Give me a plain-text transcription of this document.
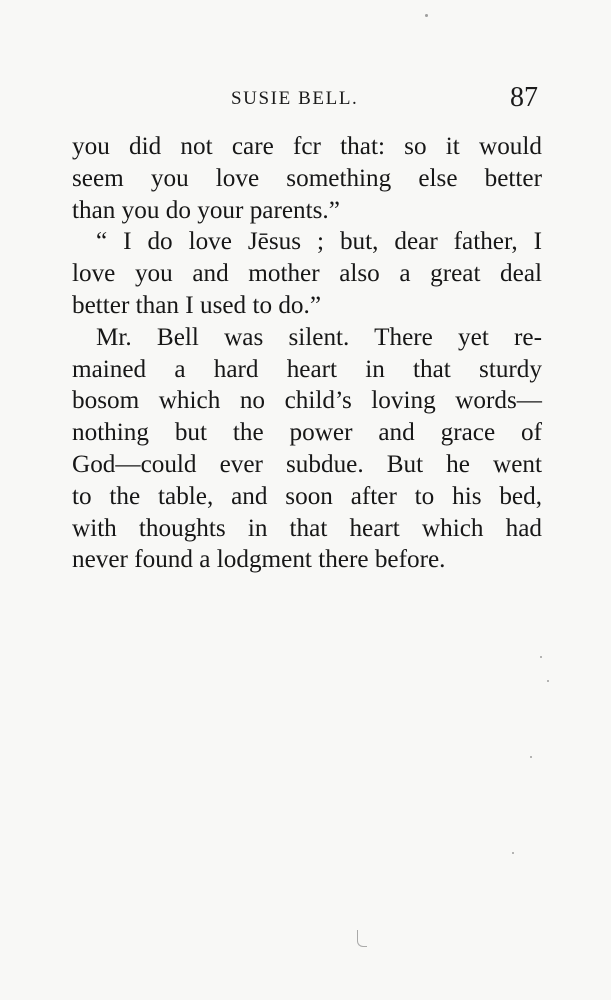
SUSIE BELL.	87
you did not care fcr that: so it would
seem you love something else better
than you do your parents.”
“ I do love Jēsus ; but, dear father, I
love you and mother also a great deal
better than I used to do.”
Mr. Bell was silent. There yet re-
mained a hard heart in that sturdy
bosom which no child’s loving words—
nothing but the power and grace of
God—could ever subdue. But he went
to the table, and soon after to his bed,
with thoughts in that heart which had
never found a lodgment there before.
